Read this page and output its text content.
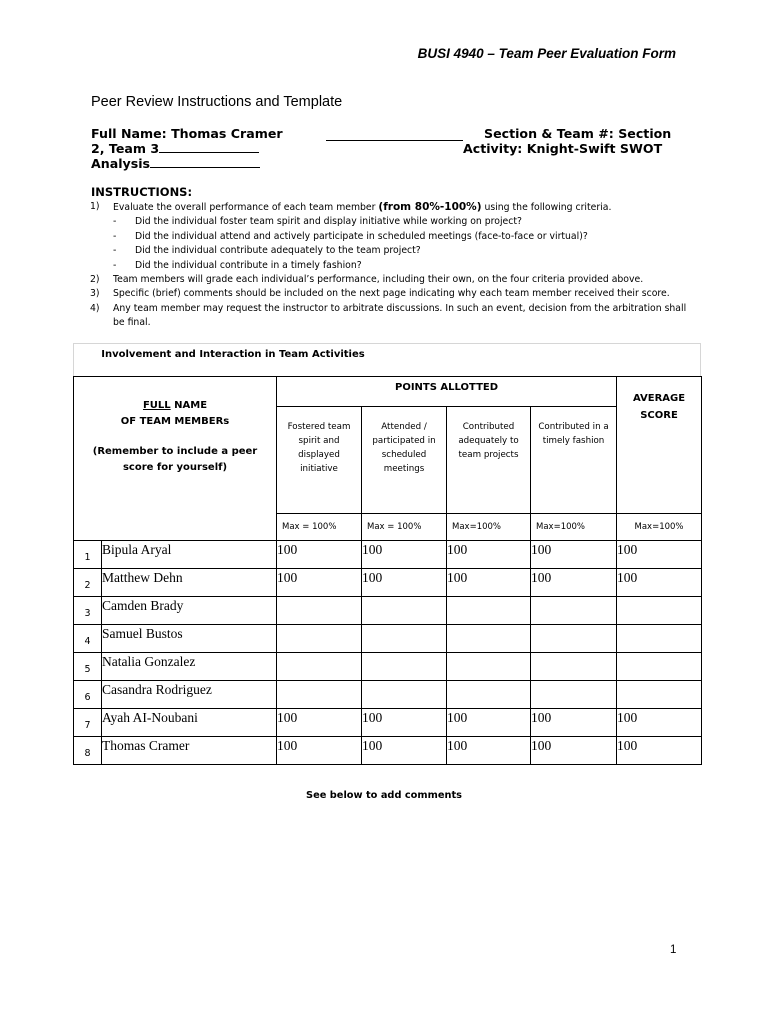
BUSI 4940 – Team Peer Evaluation Form
Peer Review Instructions and Template
Full Name: Thomas Cramer	Section & Team #: Section
2, Team 3	Activity: Knight-Swift SWOT
Analysis
INSTRUCTIONS:
1) Evaluate the overall performance of each team member (from 80%-100%) using the following criteria.
- Did the individual foster team spirit and display initiative while working on project?
- Did the individual attend and actively participate in scheduled meetings (face-to-face or virtual)?
- Did the individual contribute adequately to the team project?
- Did the individual contribute in a timely fashion?
2) Team members will grade each individual’s performance, including their own, on the four criteria provided above.
3) Specific (brief) comments should be included on the next page indicating why each team member received their score.
4) Any team member may request the instructor to arbitrate discussions. In such an event, decision from the arbitration shall
be final.
Involvement and Interaction in Team Activities
FULL NAME
OF TEAM MEMBERs
(Remember to include a peer score for yourself)		POINTS ALLOTTED				AVERAGE SCORE
		Fostered team spirit and displayed initiative	Attended / participated in scheduled meetings	Contributed adequately to team projects	Contributed in a timely fashion	
		Max = 100%	Max = 100%	Max=100%	Max=100%	Max=100%
1	Bipula Aryal	100	100	100	100	100
2	Matthew Dehn	100	100	100	100	100
3	Camden Brady					
4	Samuel Bustos					
5	Natalia Gonzalez					
6	Casandra Rodriguez					
7	Ayah AI-Noubani	100	100	100	100	100
8	Thomas Cramer	100	100	100	100	100
See below to add comments
1
